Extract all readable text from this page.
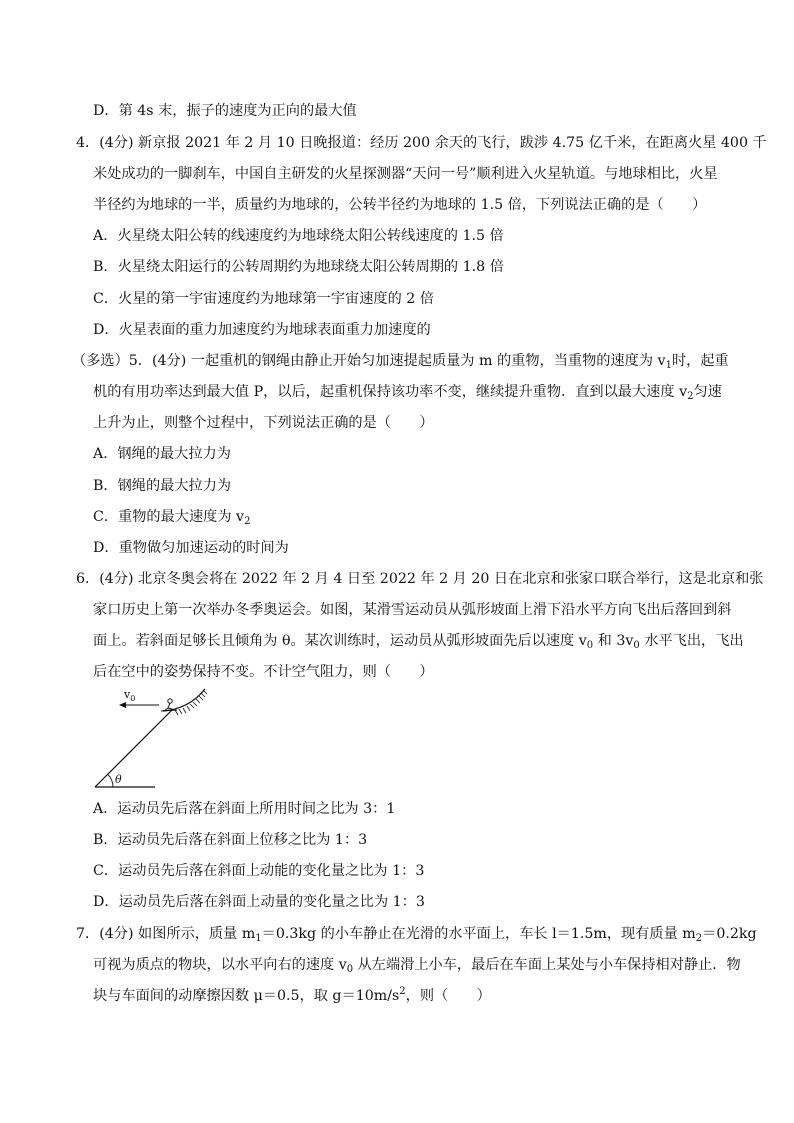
D．第 4s 末，振子的速度为正向的最大值
4．(4分) 新京报 2021 年 2 月 10 日晚报道：经历 200 余天的飞行，跋涉 4.75 亿千米，在距离火星 400 千
米处成功的一脚刹车，中国自主研发的火星探测器“天问一号”顺利进入火星轨道。与地球相比，火星
半径约为地球的一半，质量约为地球的，公转半径约为地球的 1.5 倍，下列说法正确的是（　　）
A．火星绕太阳公转的线速度约为地球绕太阳公转线速度的 1.5 倍
B．火星绕太阳运行的公转周期约为地球绕太阳公转周期的 1.8 倍
C．火星的第一宇宙速度约为地球第一宇宙速度的 2 倍
D．火星表面的重力加速度约为地球表面重力加速度的
（多选）5．(4分) 一起重机的钢绳由静止开始匀加速提起质量为 m 的重物，当重物的速度为 $v_1$时，起重
机的有用功率达到最大值 P，以后，起重机保持该功率不变，继续提升重物．直到以最大速度 $v_2$匀速
上升为止，则整个过程中，下列说法正确的是（　　）
A．钢绳的最大拉力为
B．钢绳的最大拉力为
C．重物的最大速度为 $v_2$
D．重物做匀加速运动的时间为
6．(4分) 北京冬奥会将在 2022 年 2 月 4 日至 2022 年 2 月 20 日在北京和张家口联合举行，这是北京和张
家口历史上第一次举办冬季奥运会。如图，某滑雪运动员从弧形坡面上滑下沿水平方向飞出后落回到斜
面上。若斜面足够长且倾角为 θ。某次训练时，运动员从弧形坡面先后以速度 $v_0$ 和 $3v_0$ 水平飞出，飞出
后在空中的姿势保持不变。不计空气阻力，则（　　）
$v_0$
θ
A．运动员先后落在斜面上所用时间之比为 3：1
B．运动员先后落在斜面上位移之比为 1：3
C．运动员先后落在斜面上动能的变化量之比为 1：3
D．运动员先后落在斜面上动量的变化量之比为 1：3
7．(4分) 如图所示，质量 $m_1=0.3kg$ 的小车静止在光滑的水平面上，车长 l＝1.5m，现有质量 $m_2=0.2kg$
可视为质点的物块，以水平向右的速度 $v_0$ 从左端滑上小车，最后在车面上某处与小车保持相对静止．物
块与车面间的动摩擦因数 μ＝0.5，取 $g=10m/s^2$，则（　　）
